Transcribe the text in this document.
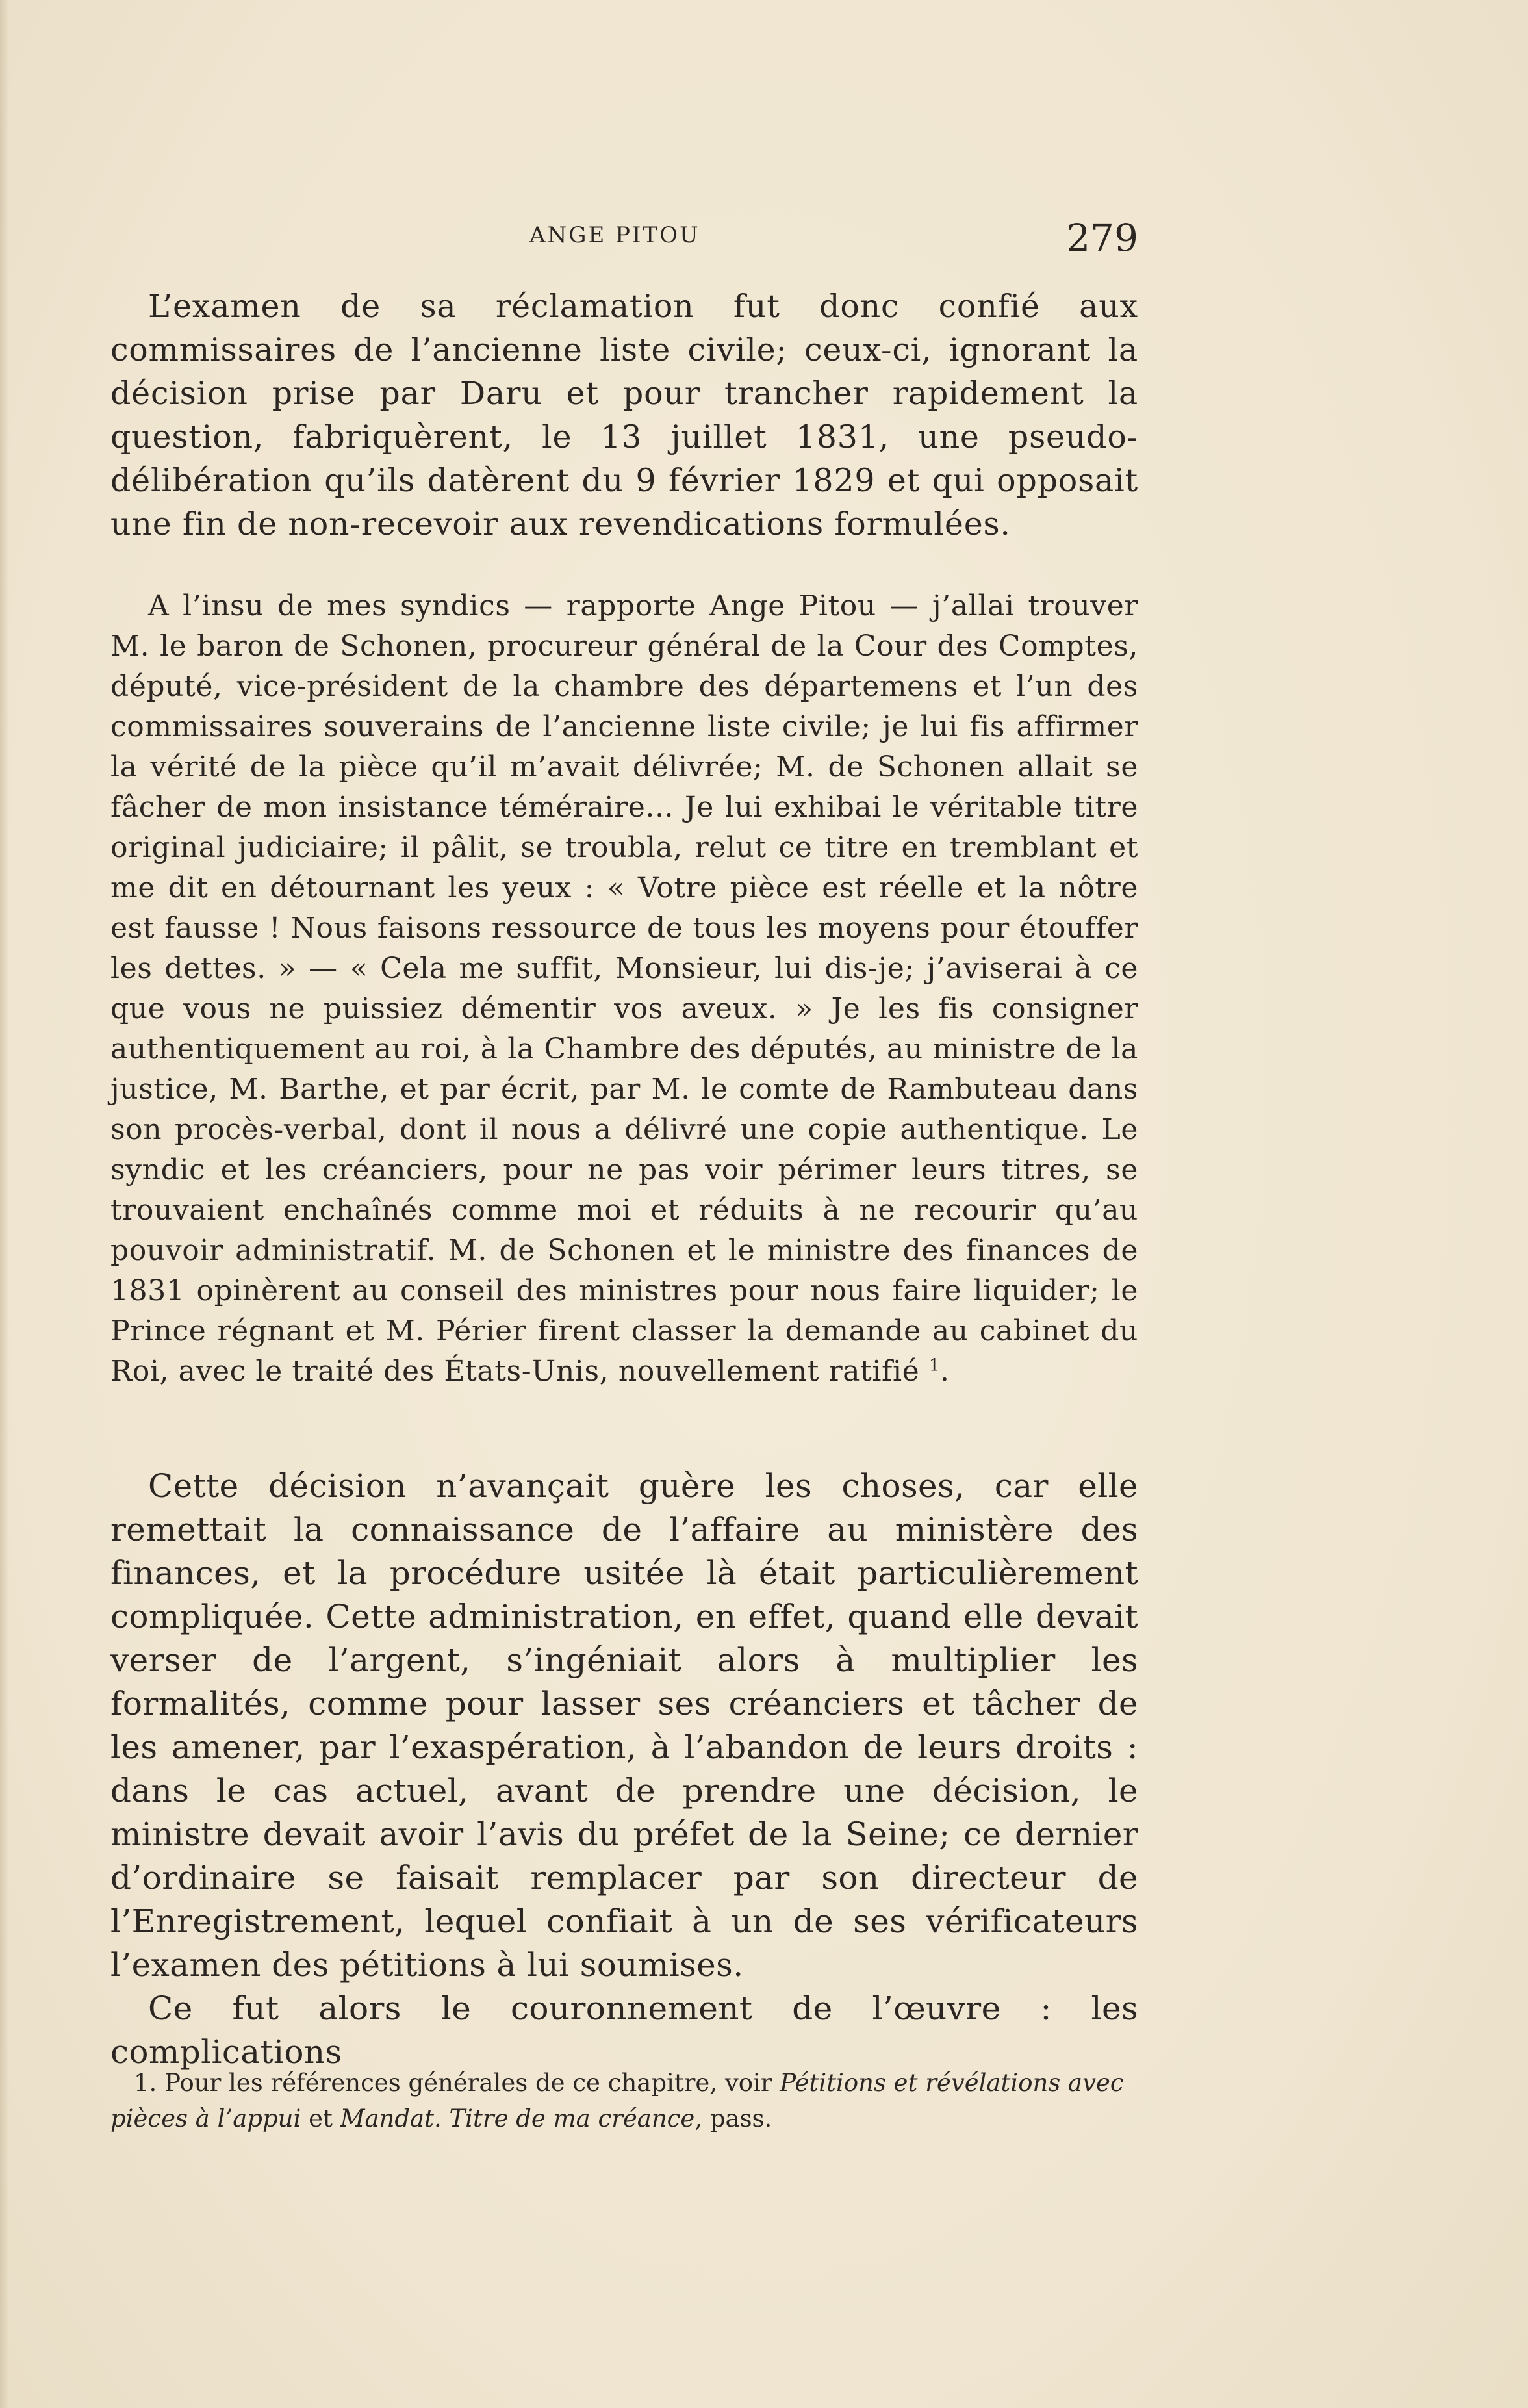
ANGE PITOU	279

L’examen de sa réclamation fut donc confié aux commissaires de l’ancienne liste civile; ceux-ci, ignorant la décision prise par Daru et pour trancher rapidement la question, fabriquèrent, le 13 juillet 1831, une pseudo-délibération qu’ils datèrent du 9 février 1829 et qui opposait une fin de non-recevoir aux revendications formulées.

A l’insu de mes syndics — rapporte Ange Pitou — j’allai trouver M. le baron de Schonen, procureur général de la Cour des Comptes, député, vice-président de la chambre des départemens et l’un des commissaires souverains de l’ancienne liste civile; je lui fis affirmer la vérité de la pièce qu’il m’avait délivrée; M. de Schonen allait se fâcher de mon insistance téméraire... Je lui exhibai le véritable titre original judiciaire; il pâlit, se troubla, relut ce titre en tremblant et me dit en détournant les yeux : « Votre pièce est réelle et la nôtre est fausse ! Nous faisons ressource de tous les moyens pour étouffer les dettes. » — « Cela me suffit, Monsieur, lui dis-je; j’aviserai à ce que vous ne puissiez démentir vos aveux. » Je les fis consigner authentiquement au roi, à la Chambre des députés, au ministre de la justice, M. Barthe, et par écrit, par M. le comte de Rambuteau dans son procès-verbal, dont il nous a délivré une copie authentique. Le syndic et les créanciers, pour ne pas voir périmer leurs titres, se trouvaient enchaînés comme moi et réduits à ne recourir qu’au pouvoir administratif. M. de Schonen et le ministre des finances de 1831 opinèrent au conseil des ministres pour nous faire liquider; le Prince régnant et M. Périer firent classer la demande au cabinet du Roi, avec le traité des États-Unis, nouvellement ratifié $^1$.

Cette décision n’avançait guère les choses, car elle remettait la connaissance de l’affaire au ministère des finances, et la procédure usitée là était particulièrement compliquée. Cette administration, en effet, quand elle devait verser de l’argent, s’ingéniait alors à multiplier les formalités, comme pour lasser ses créanciers et tâcher de les amener, par l’exaspération, à l’abandon de leurs droits : dans le cas actuel, avant de prendre une décision, le ministre devait avoir l’avis du préfet de la Seine; ce dernier d’ordinaire se faisait remplacer par son directeur de l’Enregistrement, lequel confiait à un de ses vérificateurs l’examen des pétitions à lui soumises.

Ce fut alors le couronnement de l’œuvre : les complications

1. Pour les références générales de ce chapitre, voir Pétitions et révélations avec pièces à l’appui et Mandat. Titre de ma créance, pass.
